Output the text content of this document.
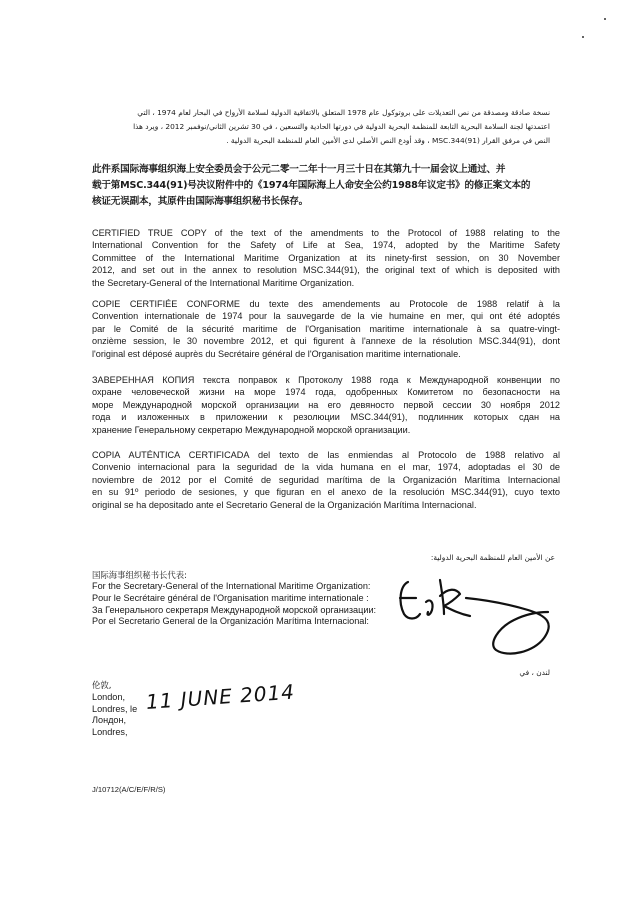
نسخة صادقة ومصدقة من نص التعديلات على بروتوكول عام 1978 المتعلق بالاتفاقية الدولية لسلامة الأرواح في البحار لعام 1974 ، التي

اعتمدتها لجنة السلامة البحرية التابعة للمنظمة البحرية الدولية في دورتها الحادية والتسعين ، في 30 تشرين الثاني/نوفمبر 2012 ، ويرد هذا

النص في مرفق القرار (MSC.344(91 ، وقد أودع النص الأصلي لدى الأمين العام للمنظمة البحرية الدولية .

此件系国际海事组织海上安全委员会于公元二零一二年十一月三十日在其第九十一届会议上通过、并

载于第MSC.344(91)号决议附件中的《1974年国际海上人命安全公约1988年议定书》的修正案文本的

核证无误副本，其原件由国际海事组织秘书长保存。

CERTIFIED TRUE COPY of the text of the amendments to the Protocol of 1988 relating to the
International Convention for the Safety of Life at Sea, 1974, adopted by the Maritime Safety
Committee of the International Maritime Organization at its ninety-first session, on 30 November
2012, and set out in the annex to resolution MSC.344(91), the original text of which is deposited with
the Secretary-General of the International Maritime Organization.
COPIE CERTIFIÉE CONFORME du texte des amendements au Protocole de 1988 relatif à la
Convention internationale de 1974 pour la sauvegarde de la vie humaine en mer, qui ont été adoptés
par le Comité de la sécurité maritime de l'Organisation maritime internationale à sa quatre-vingt-
onzième session, le 30 novembre 2012, et qui figurent à l'annexe de la résolution MSC.344(91), dont
l'original est déposé auprès du Secrétaire général de l'Organisation maritime internationale.
ЗАВЕРЕННАЯ КОПИЯ текста поправок к Протоколу 1988 года к Международной конвенции по
охране человеческой жизни на море 1974 года, одобренных Комитетом по безопасности на
море Международной морской организации на его девяносто первой сессии 30 ноября 2012
года и изложенных в приложении к резолюции MSC.344(91), подлинник которых сдан на
хранение Генеральному секретарю Международной морской организации.
COPIA AUTÉNTICA CERTIFICADA del texto de las enmiendas al Protocolo de 1988 relativo al
Convenio internacional para la seguridad de la vida humana en el mar, 1974, adoptadas el 30 de
noviembre de 2012 por el Comité de seguridad marítima de la Organización Marítima Internacional
en su 91º periodo de sesiones, y que figuran en el anexo de la resolución MSC.344(91), cuyo texto
original se ha depositado ante el Secretario General de la Organización Marítima Internacional.
عن الأمين العام للمنظمة البحرية الدولية:
国际海事组织秘书长代表:
For the Secretary-General of the International Maritime Organization:
Pour le Secrétaire général de l'Organisation maritime internationale :
За Генерального секретаря Международной морской организации:
Por el Secretario General de la Organización Marítima Internacional:
لندن ، في
伦敦,
London,
Londres, le
Лондон,
Londres,
11 JUNE 2014
J/10712(A/C/E/F/R/S)
